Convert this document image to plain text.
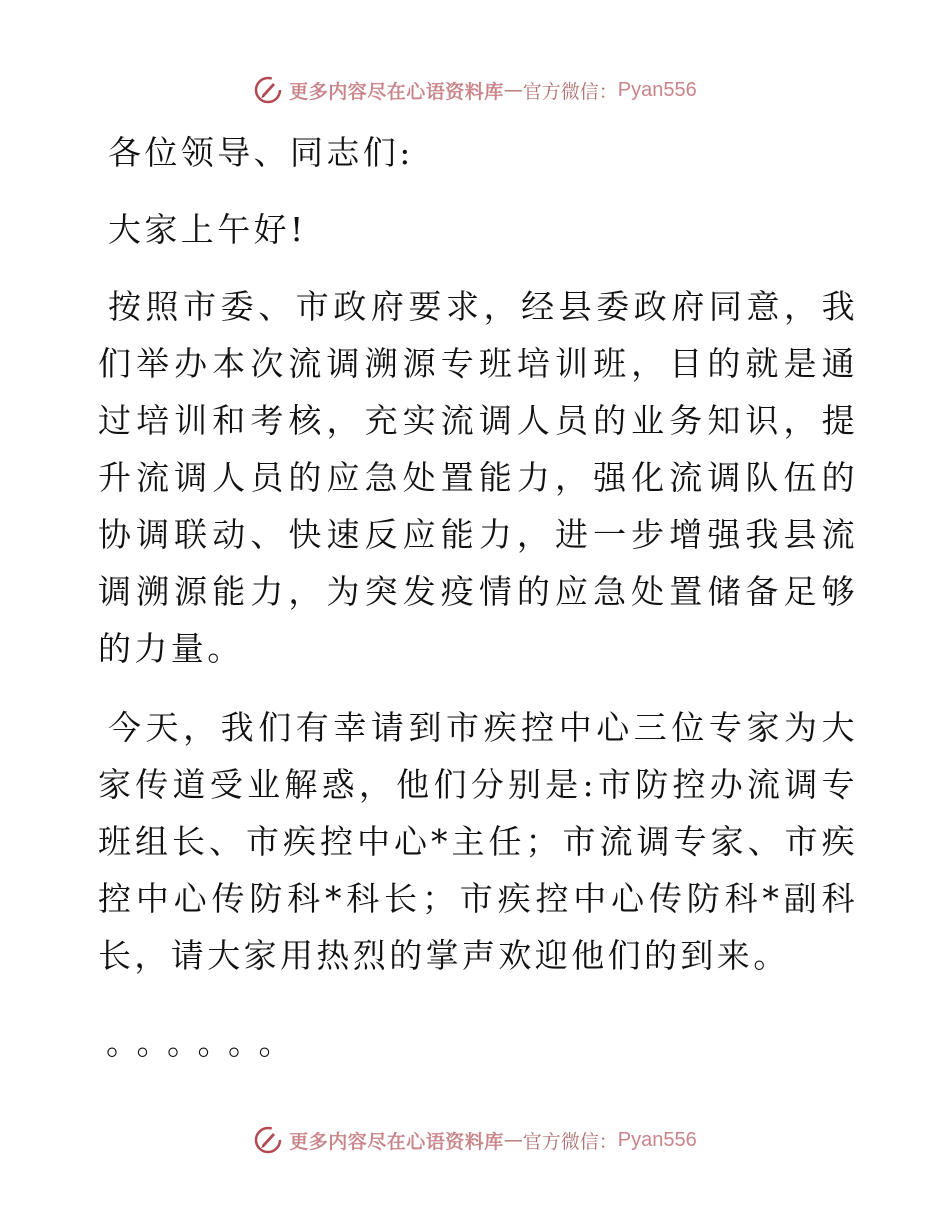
更多内容尽在心语资料库 — 官方微信： Pyan556

各位领导、同志们:

大家上午好!

按照市委、市政府要求，经县委政府同意，我们举办本次流调溯源专班培训班，目的就是通过培训和考核，充实流调人员的业务知识，提升流调人员的应急处置能力，强化流调队伍的协调联动、快速反应能力，进一步增强我县流调溯源能力，为突发疫情的应急处置储备足够的力量。

今天，我们有幸请到市疾控中心三位专家为大家传道受业解惑，他们分别是:市防控办流调专班组长、市疾控中心*主任；市流调专家、市疾控中心传防科*科长；市疾控中心传防科*副科长，请大家用热烈的掌声欢迎他们的到来。

。。。。。。
更多内容尽在心语资料库 — 官方微信： Pyan556
